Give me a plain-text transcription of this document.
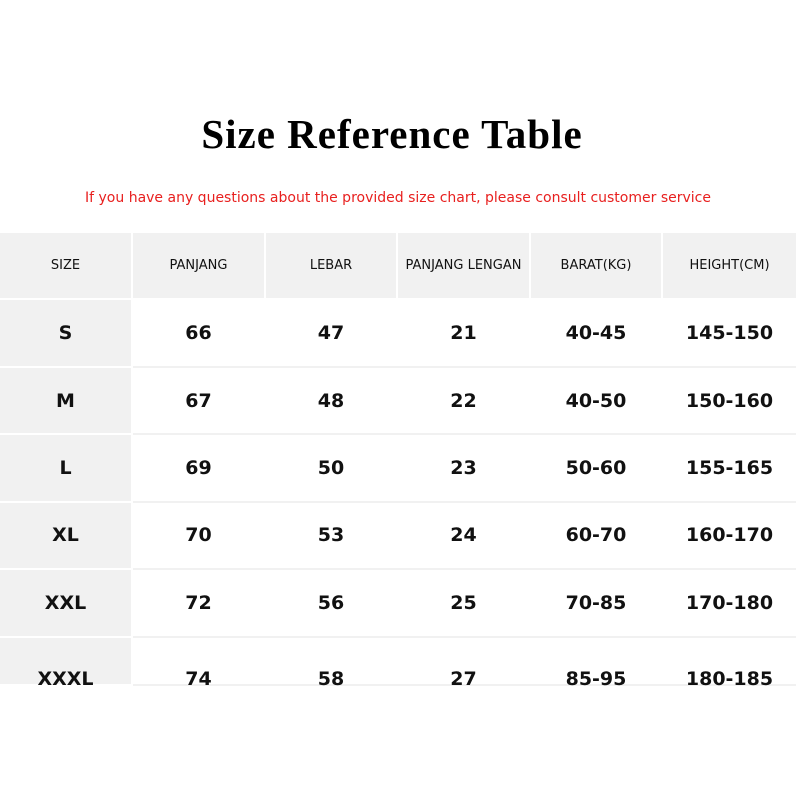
Size Reference Table

If you have any questions about the provided size chart, please consult customer service

SIZE	PANJANG	LEBAR	PANJANG LENGAN	BARAT(KG)	HEIGHT(CM)
S	66	47	21	40-45	145-150
M	67	48	22	40-50	150-160
L	69	50	23	50-60	155-165
XL	70	53	24	60-70	160-170
XXL	72	56	25	70-85	170-180
XXXL	74	58	27	85-95	180-185
